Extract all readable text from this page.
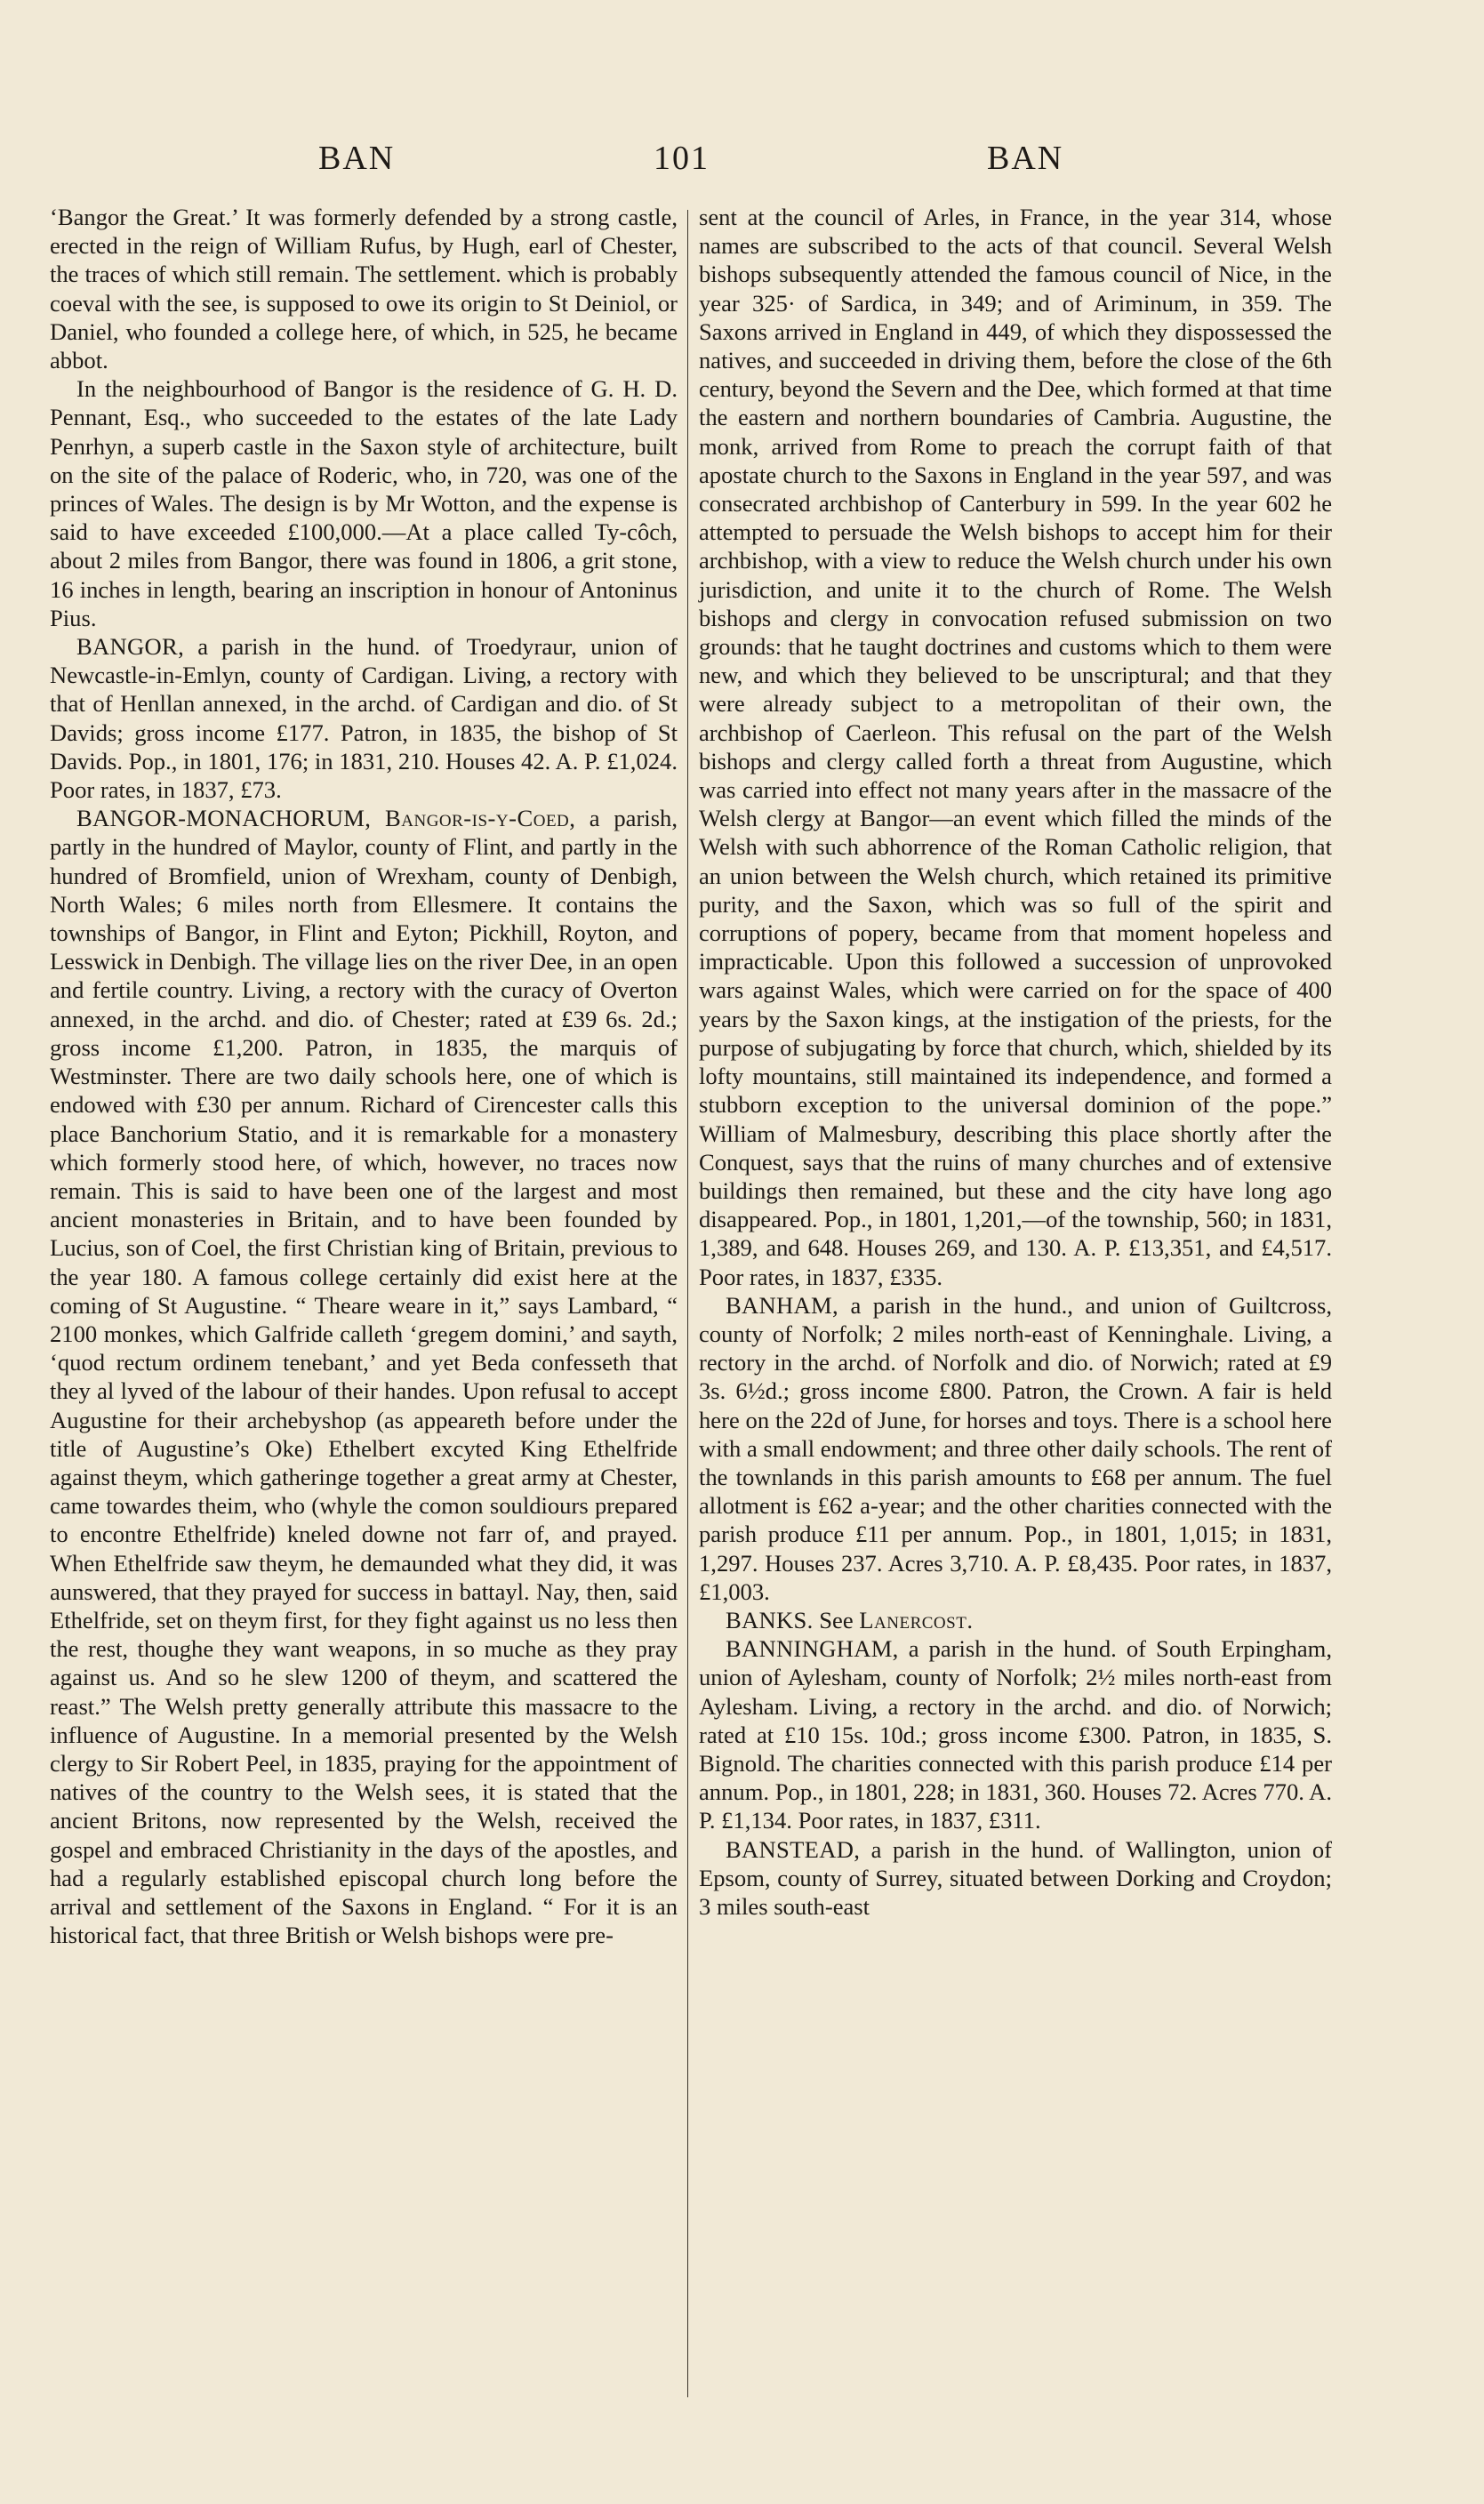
BAN	101	BAN

‘Bangor the Great.’ It was formerly defended by a strong castle, erected in the reign of William Rufus, by Hugh, earl of Chester, the traces of which still remain. The settlement. which is probably coeval with the see, is supposed to owe its origin to St Deiniol, or Daniel, who founded a college here, of which, in 525, he became abbot.

In the neighbourhood of Bangor is the residence of G. H. D. Pennant, Esq., who succeeded to the estates of the late Lady Penrhyn, a superb castle in the Saxon style of architecture, built on the site of the palace of Roderic, who, in 720, was one of the princes of Wales. The design is by Mr Wotton, and the expense is said to have exceeded £100,000.—At a place called Ty-côch, about 2 miles from Bangor, there was found in 1806, a grit stone, 16 inches in length, bearing an inscription in honour of Antoninus Pius.

BANGOR, a parish in the hund. of Troedyraur, union of Newcastle-in-Emlyn, county of Cardigan. Living, a rectory with that of Henllan annexed, in the archd. of Cardigan and dio. of St Davids; gross income £177. Patron, in 1835, the bishop of St Davids. Pop., in 1801, 176; in 1831, 210. Houses 42. A. P. £1,024. Poor rates, in 1837, £73.

BANGOR-MONACHORUM, Bangor-is-y-Coed, a parish, partly in the hundred of Maylor, county of Flint, and partly in the hundred of Bromfield, union of Wrexham, county of Denbigh, North Wales; 6 miles north from Ellesmere. It contains the townships of Bangor, in Flint and Eyton; Pickhill, Royton, and Lesswick in Denbigh. The village lies on the river Dee, in an open and fertile country. Living, a rectory with the curacy of Overton annexed, in the archd. and dio. of Chester; rated at £39 6s. 2d.; gross income £1,200. Patron, in 1835, the marquis of Westminster. There are two daily schools here, one of which is endowed with £30 per annum. Richard of Cirencester calls this place Banchorium Statio, and it is remarkable for a monastery which formerly stood here, of which, however, no traces now remain. This is said to have been one of the largest and most ancient monasteries in Britain, and to have been founded by Lucius, son of Coel, the first Christian king of Britain, previous to the year 180. A famous college certainly did exist here at the coming of St Augustine. “ Theare weare in it,” says Lambard, “ 2100 monkes, which Galfride calleth ‘gregem domini,’ and sayth, ‘quod rectum ordinem tenebant,’ and yet Beda confesseth that they al lyved of the labour of their handes. Upon refusal to accept Augustine for their archebyshop (as appeareth before under the title of Augustine’s Oke) Ethelbert excyted King Ethelfride against theym, which gatheringe together a great army at Chester, came towardes theim, who (whyle the comon souldiours prepared to encontre Ethelfride) kneled downe not farr of, and prayed. When Ethelfride saw theym, he demaunded what they did, it was aunswered, that they prayed for success in battayl. Nay, then, said Ethelfride, set on theym first, for they fight against us no less then the rest, thoughe they want weapons, in so muche as they pray against us. And so he slew 1200 of theym, and scattered the reast.” The Welsh pretty generally attribute this massacre to the influence of Augustine. In a memorial presented by the Welsh clergy to Sir Robert Peel, in 1835, praying for the appointment of natives of the country to the Welsh sees, it is stated that the ancient Britons, now represented by the Welsh, received the gospel and embraced Christianity in the days of the apostles, and had a regularly established episcopal church long before the arrival and settlement of the Saxons in England. “ For it is an historical fact, that three British or Welsh bishops were pre-

sent at the council of Arles, in France, in the year 314, whose names are subscribed to the acts of that council. Several Welsh bishops subsequently attended the famous council of Nice, in the year 325· of Sardica, in 349; and of Ariminum, in 359. The Saxons arrived in England in 449, of which they dispossessed the natives, and succeeded in driving them, before the close of the 6th century, beyond the Severn and the Dee, which formed at that time the eastern and northern boundaries of Cambria. Augustine, the monk, arrived from Rome to preach the corrupt faith of that apostate church to the Saxons in England in the year 597, and was consecrated archbishop of Canterbury in 599. In the year 602 he attempted to persuade the Welsh bishops to accept him for their archbishop, with a view to reduce the Welsh church under his own jurisdiction, and unite it to the church of Rome. The Welsh bishops and clergy in convocation refused submission on two grounds: that he taught doctrines and customs which to them were new, and which they believed to be unscriptural; and that they were already subject to a metropolitan of their own, the archbishop of Caerleon. This refusal on the part of the Welsh bishops and clergy called forth a threat from Augustine, which was carried into effect not many years after in the massacre of the Welsh clergy at Bangor—an event which filled the minds of the Welsh with such abhorrence of the Roman Catholic religion, that an union between the Welsh church, which retained its primitive purity, and the Saxon, which was so full of the spirit and corruptions of popery, became from that moment hopeless and impracticable. Upon this followed a succession of unprovoked wars against Wales, which were carried on for the space of 400 years by the Saxon kings, at the instigation of the priests, for the purpose of subjugating by force that church, which, shielded by its lofty mountains, still maintained its independence, and formed a stubborn exception to the universal dominion of the pope.” William of Malmesbury, describing this place shortly after the Conquest, says that the ruins of many churches and of extensive buildings then remained, but these and the city have long ago disappeared. Pop., in 1801, 1,201,—of the township, 560; in 1831, 1,389, and 648. Houses 269, and 130. A. P. £13,351, and £4,517. Poor rates, in 1837, £335.

BANHAM, a parish in the hund., and union of Guiltcross, county of Norfolk; 2 miles north-east of Kenninghale. Living, a rectory in the archd. of Norfolk and dio. of Norwich; rated at £9 3s. 6½d.; gross income £800. Patron, the Crown. A fair is held here on the 22d of June, for horses and toys. There is a school here with a small endowment; and three other daily schools. The rent of the townlands in this parish amounts to £68 per annum. The fuel allotment is £62 a-year; and the other charities connected with the parish produce £11 per annum. Pop., in 1801, 1,015; in 1831, 1,297. Houses 237. Acres 3,710. A. P. £8,435. Poor rates, in 1837, £1,003.

BANKS. See Lanercost.

BANNINGHAM, a parish in the hund. of South Erpingham, union of Aylesham, county of Norfolk; 2½ miles north-east from Aylesham. Living, a rectory in the archd. and dio. of Norwich; rated at £10 15s. 10d.; gross income £300. Patron, in 1835, S. Bignold. The charities connected with this parish produce £14 per annum. Pop., in 1801, 228; in 1831, 360. Houses 72. Acres 770. A. P. £1,134. Poor rates, in 1837, £311.

BANSTEAD, a parish in the hund. of Wallington, union of Epsom, county of Surrey, situated between Dorking and Croydon; 3 miles south-east
